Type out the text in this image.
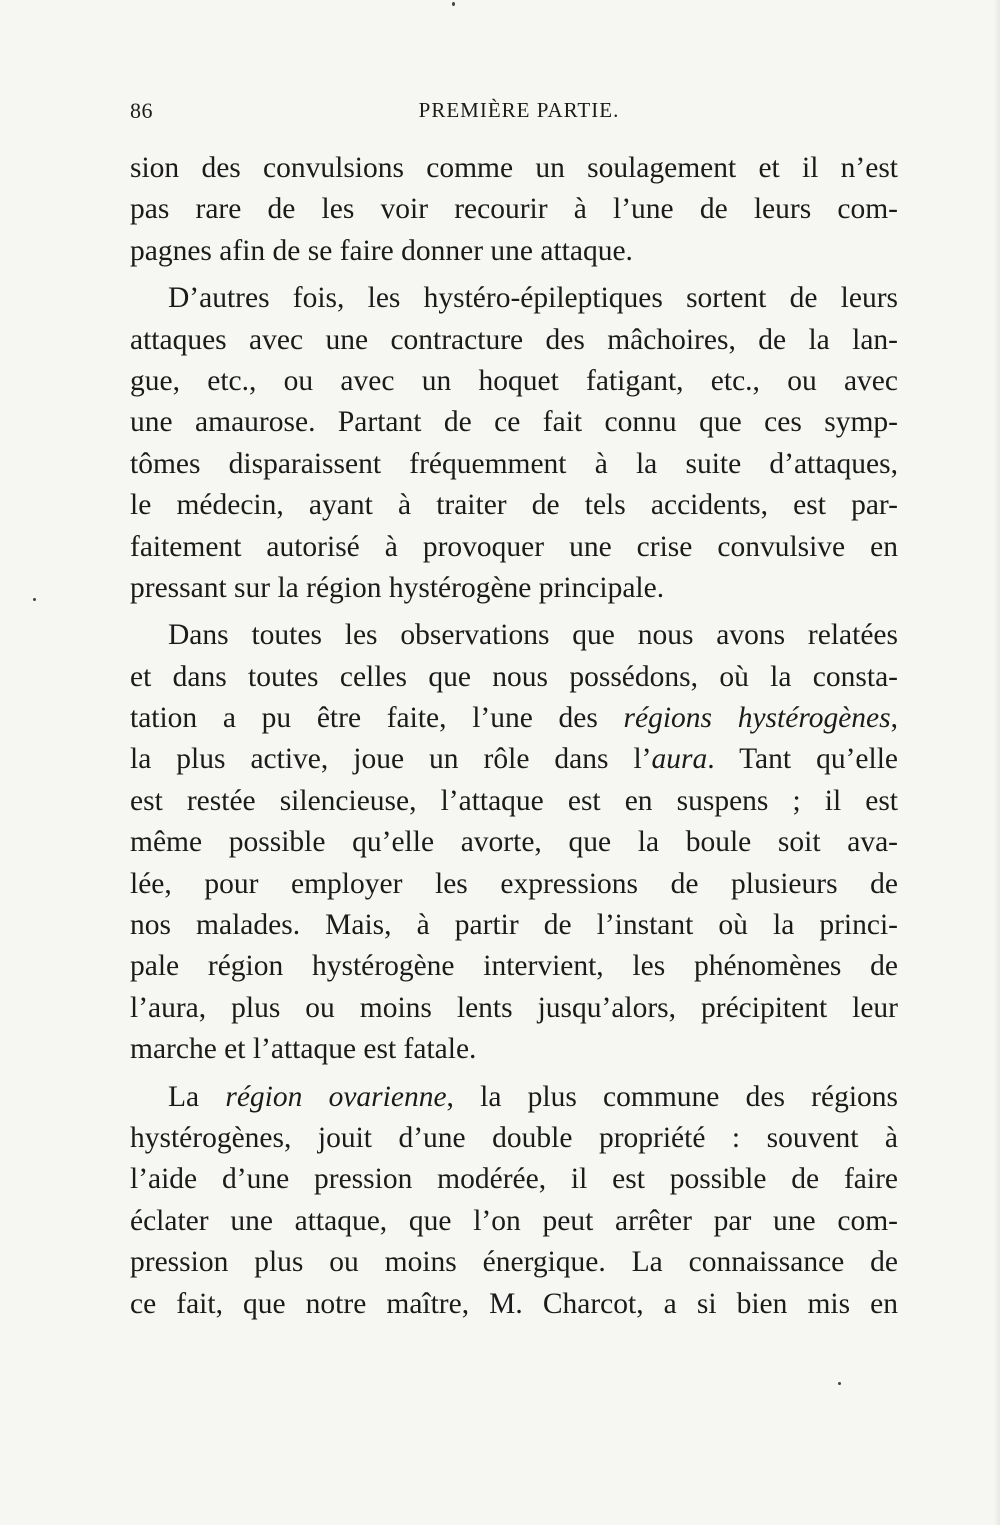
86	PREMIÈRE PARTIE.
sion des convulsions comme un soulagement et il n’est
pas rare de les voir recourir à l’une de leurs com-
pagnes afin de se faire donner une attaque.
D’autres fois, les hystéro-épileptiques sortent de leurs
attaques avec une contracture des mâchoires, de la lan-
gue, etc., ou avec un hoquet fatigant, etc., ou avec
une amaurose. Partant de ce fait connu que ces symp-
tômes disparaissent fréquemment à la suite d’attaques,
le médecin, ayant à traiter de tels accidents, est par-
faitement autorisé à provoquer une crise convulsive en
pressant sur la région hystérogène principale.
Dans toutes les observations que nous avons relatées
et dans toutes celles que nous possédons, où la consta-
tation a pu être faite, l’une des régions hystérogènes,
la plus active, joue un rôle dans l’aura. Tant qu’elle
est restée silencieuse, l’attaque est en suspens ; il est
même possible qu’elle avorte, que la boule soit ava-
lée, pour employer les expressions de plusieurs de
nos malades. Mais, à partir de l’instant où la princi-
pale région hystérogène intervient, les phénomènes de
l’aura, plus ou moins lents jusqu’alors, précipitent leur
marche et l’attaque est fatale.
La région ovarienne, la plus commune des régions
hystérogènes, jouit d’une double propriété : souvent à
l’aide d’une pression modérée, il est possible de faire
éclater une attaque, que l’on peut arrêter par une com-
pression plus ou moins énergique. La connaissance de
ce fait, que notre maître, M. Charcot, a si bien mis en
